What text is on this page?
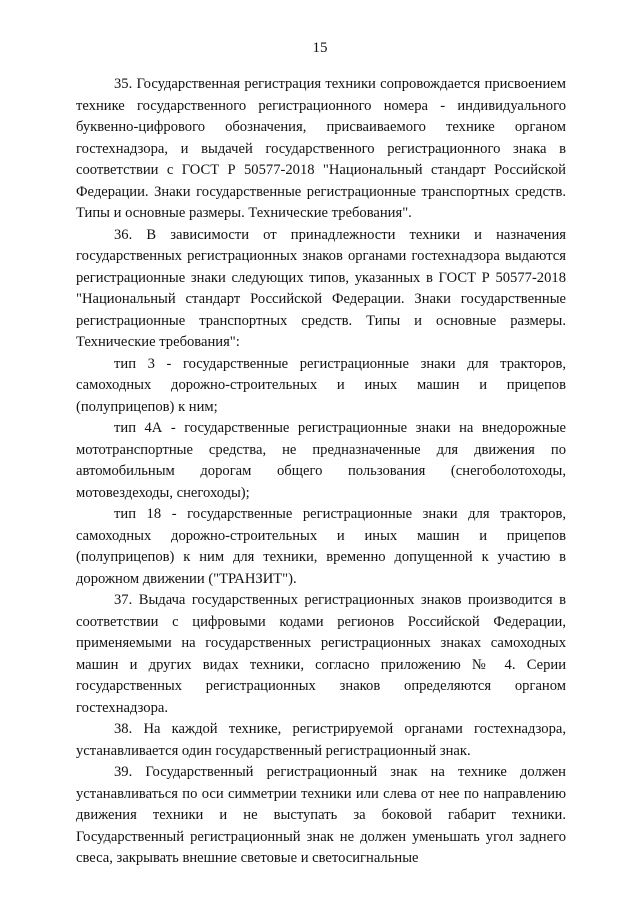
15

35. Государственная регистрация техники сопровождается присвоением технике государственного регистрационного номера - индивидуального буквенно-цифрового обозначения, присваиваемого технике органом гостехнадзора, и выдачей государственного регистрационного знака в соответствии с ГОСТ Р 50577-2018 "Национальный стандарт Российской Федерации. Знаки государственные регистрационные транспортных средств. Типы и основные размеры. Технические требования".

36. В зависимости от принадлежности техники и назначения государственных регистрационных знаков органами гостехнадзора выдаются регистрационные знаки следующих типов, указанных в ГОСТ Р 50577-2018 "Национальный стандарт Российской Федерации. Знаки государственные регистрационные транспортных средств. Типы и основные размеры. Технические требования":

тип 3 - государственные регистрационные знаки для тракторов, самоходных дорожно-строительных и иных машин и прицепов (полуприцепов) к ним;

тип 4А - государственные регистрационные знаки на внедорожные мототранспортные средства, не предназначенные для движения по автомобильным дорогам общего пользования (снегоболотоходы, мотовездеходы, снегоходы);

тип 18 - государственные регистрационные знаки для тракторов, самоходных дорожно-строительных и иных машин и прицепов (полуприцепов) к ним для техники, временно допущенной к участию в дорожном движении ("ТРАНЗИТ").

37. Выдача государственных регистрационных знаков производится в соответствии с цифровыми кодами регионов Российской Федерации, применяемыми на государственных регистрационных знаках самоходных машин и других видах техники, согласно приложению № 4. Серии государственных регистрационных знаков определяются органом гостехнадзора.

38. На каждой технике, регистрируемой органами гостехнадзора, устанавливается один государственный регистрационный знак.

39. Государственный регистрационный знак на технике должен устанавливаться по оси симметрии техники или слева от нее по направлению движения техники и не выступать за боковой габарит техники. Государственный регистрационный знак не должен уменьшать угол заднего свеса, закрывать внешние световые и светосигнальные
